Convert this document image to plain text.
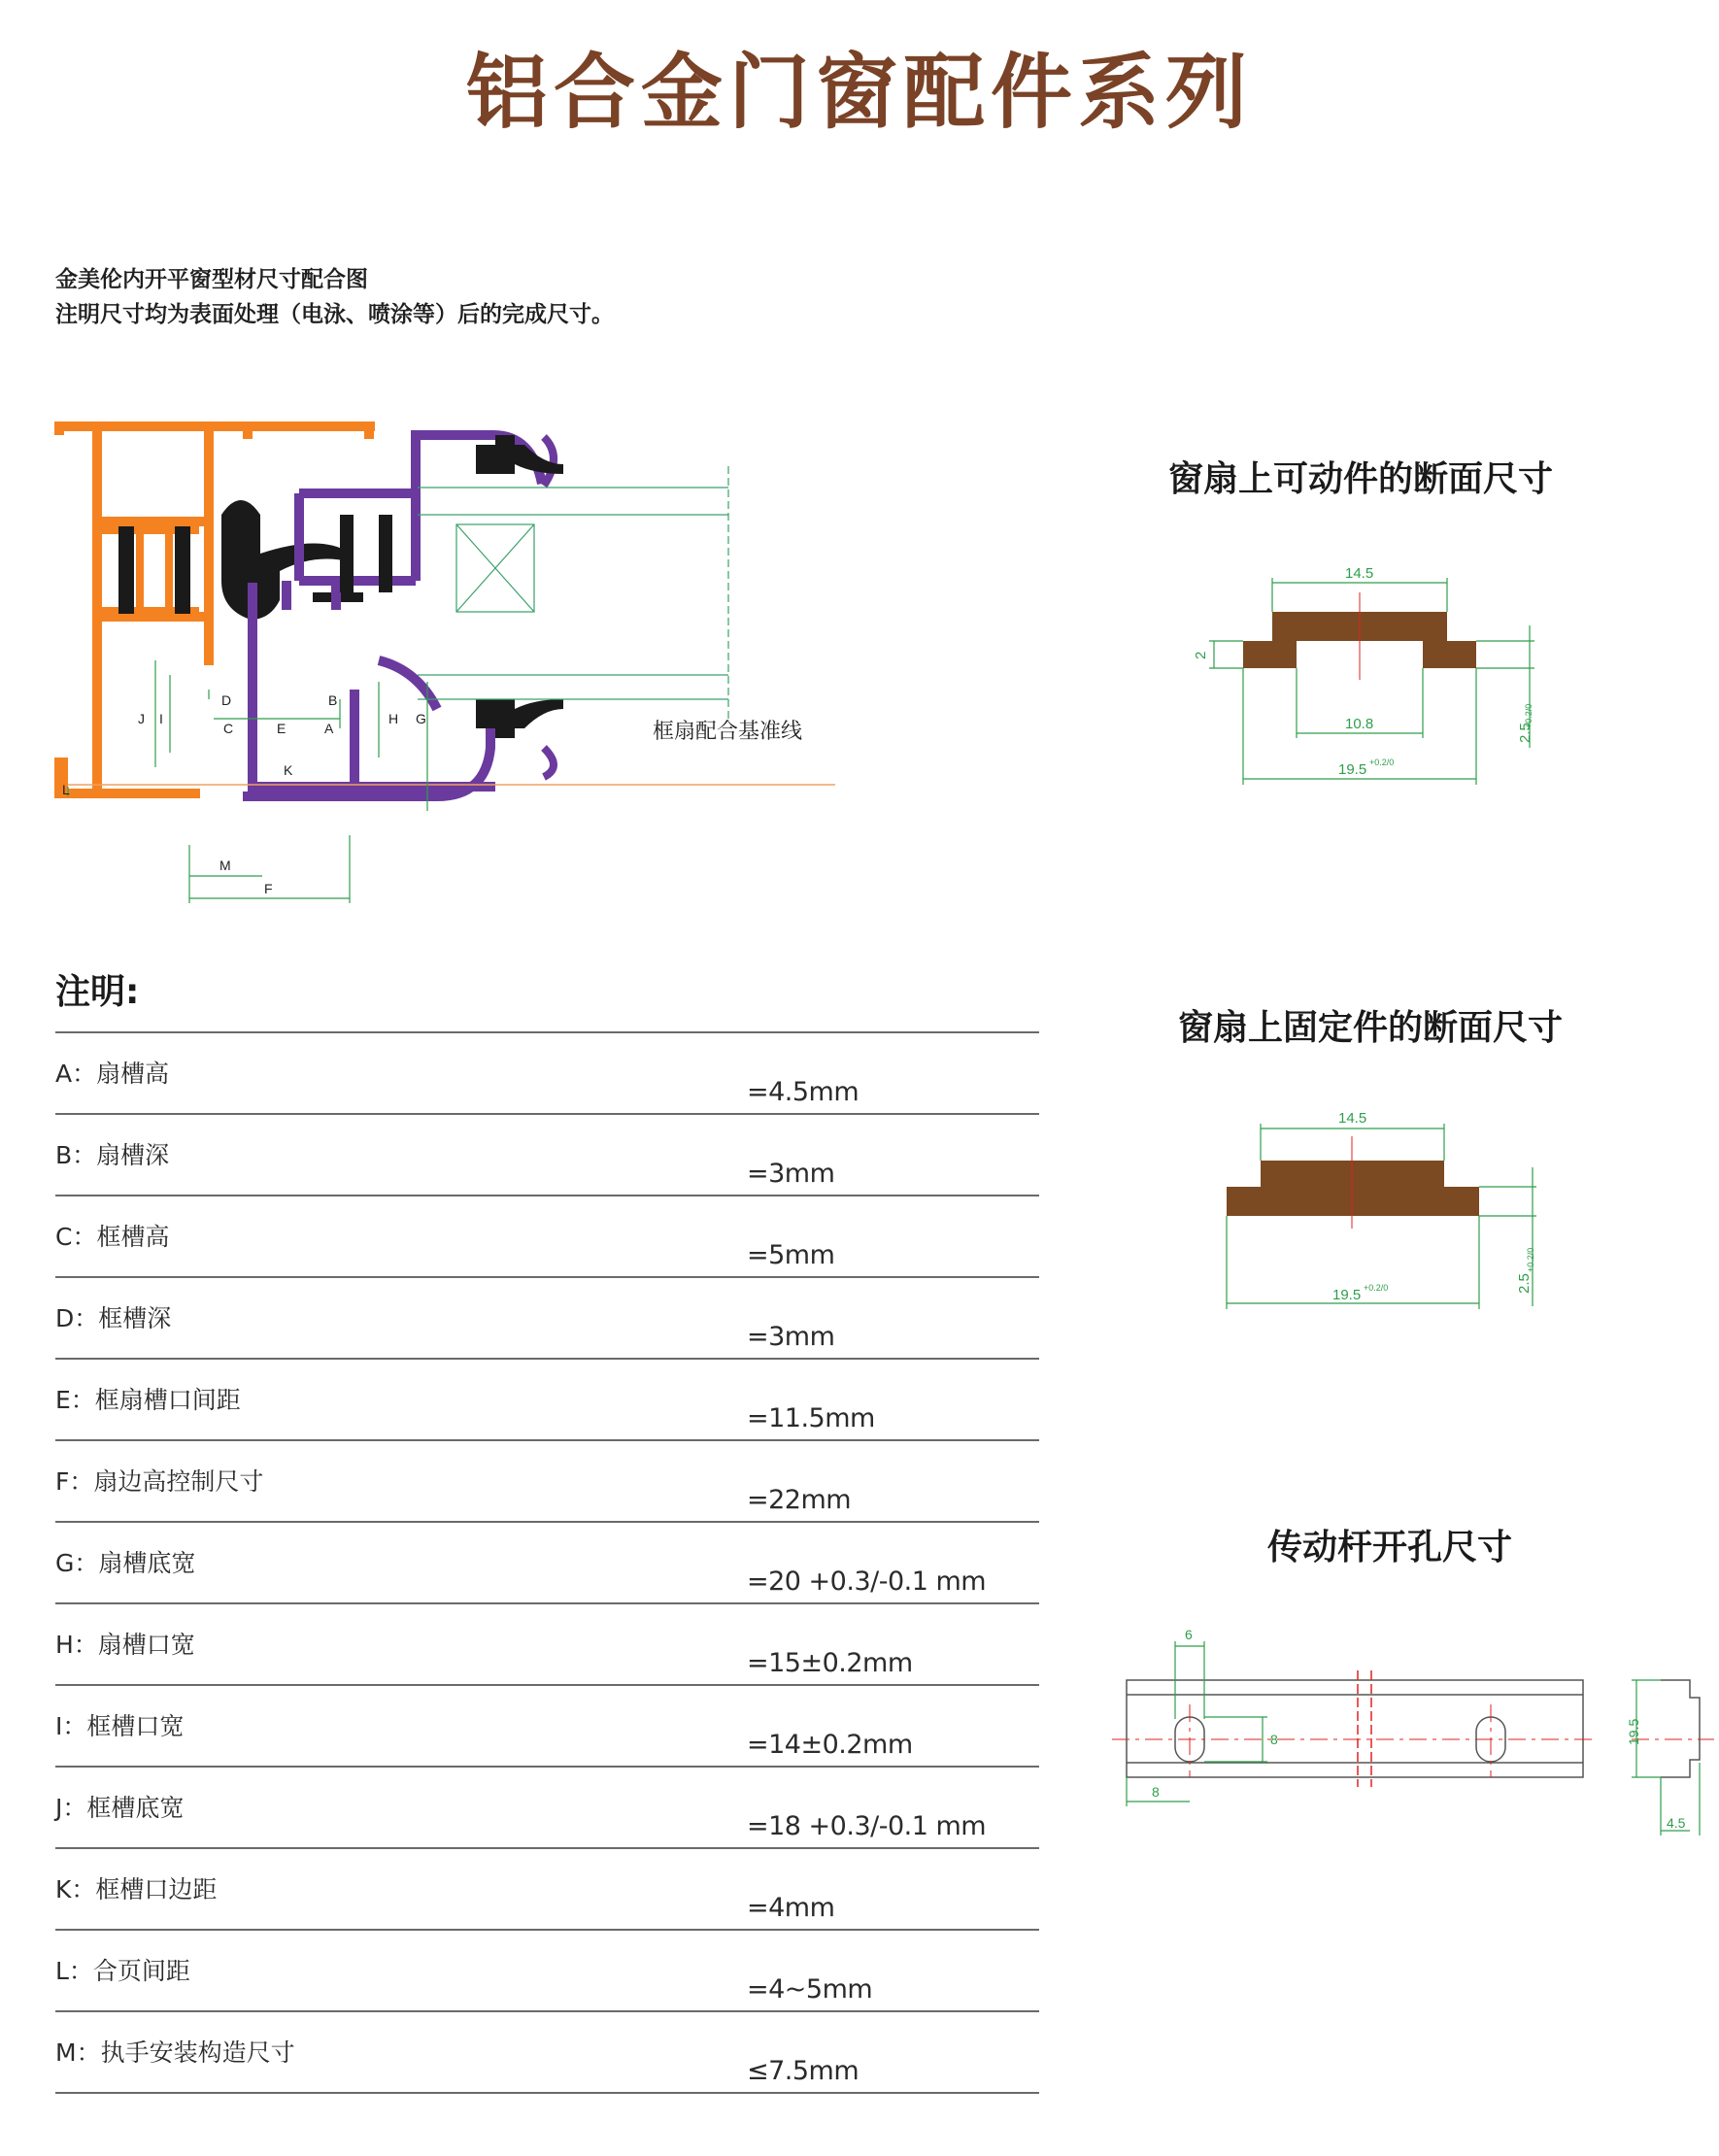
铝合金门窗配件系列
金美伦内开平窗型材尺寸配合图
注明尺寸均为表面处理（电泳、喷涂等）后的完成尺寸。
框扇配合基准线
D
C	E	A
B
J I	H G
K
L
M
F
注明:
A：扇槽高
=4.5mm
B：扇槽深
=3mm
C：框槽高
=5mm
D：框槽深
=3mm
E：框扇槽口间距
=11.5mm
F：扇边高控制尺寸
=22mm
G：扇槽底宽
=20 +0.3/-0.1 mm
H：扇槽口宽
=15±0.2mm
I：框槽口宽
=14±0.2mm
J：框槽底宽
=18 +0.3/-0.1 mm
K：框槽口边距
=4mm
L：合页间距
=4~5mm
M：执手安装构造尺寸
≤7.5mm
窗扇上可动件的断面尺寸
14.5
10.8
19.5 +0.2/0
2
2.5
+0.2/0
窗扇上固定件的断面尺寸
14.5
19.5 +0.2/0	2.5
+0.2/0
传动杆开孔尺寸
6
8
8
19.5
4.5
